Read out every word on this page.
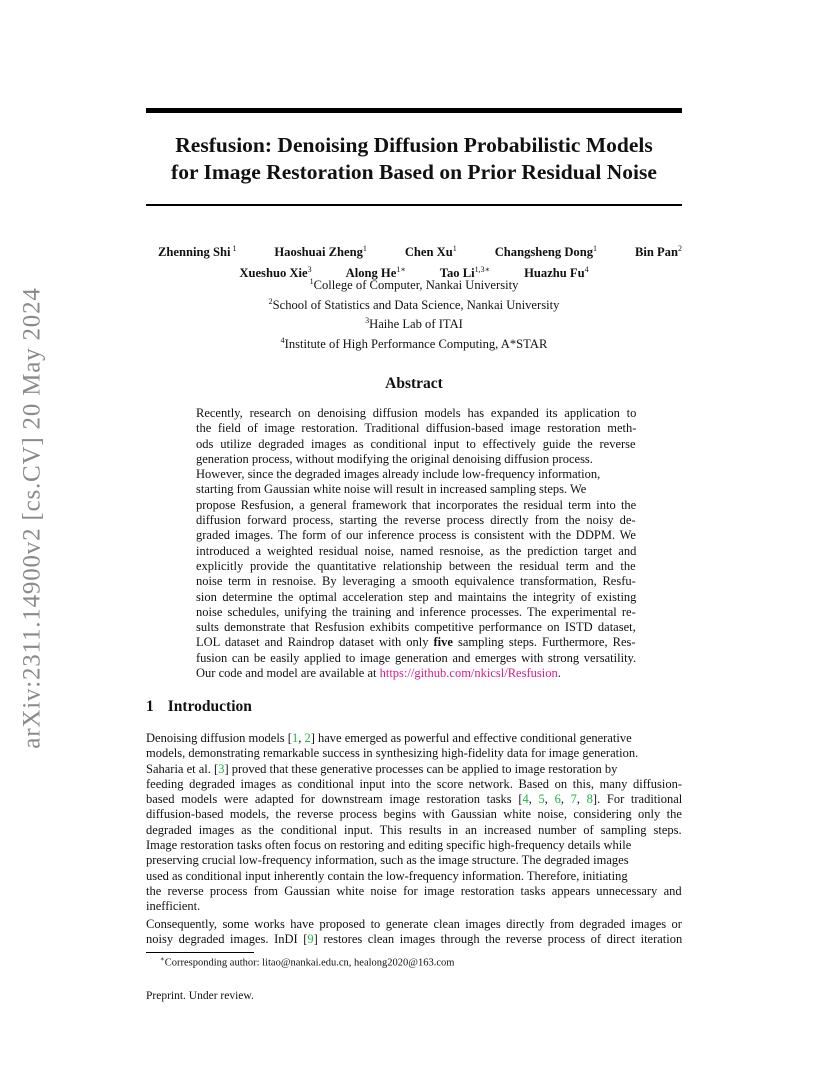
arXiv:2311.14900v2 [cs.CV] 20 May 2024
Resfusion: Denoising Diffusion Probabilistic Models
for Image Restoration Based on Prior Residual Noise
Zhenning Shi $^1$	Haoshuai Zheng$^1$	Chen Xu$^1$	Changsheng Dong$^1$	Bin Pan$^2$
Xueshuo Xie$^3$	Along $He^{1∗}$	Tao $Li^{1,3∗}$	Huazhu Fu$^4$
$^1$College of Computer, Nankai University
$^2$School of Statistics and Data Science, Nankai University
$^3$Haihe Lab of ITAI
$^4$Institute of High Performance Computing, A*STAR
Abstract
Recently, research on denoising diffusion models has expanded its application to
the field of image restoration. Traditional diffusion-based image restoration meth-
ods utilize degraded images as conditional input to effectively guide the reverse
generation process, without modifying the original denoising diffusion process.
However, since the degraded images already include low-frequency information,
starting from Gaussian white noise will result in increased sampling steps. We
propose Resfusion, a general framework that incorporates the residual term into the
diffusion forward process, starting the reverse process directly from the noisy de-
graded images. The form of our inference process is consistent with the DDPM. We
introduced a weighted residual noise, named resnoise, as the prediction target and
explicitly provide the quantitative relationship between the residual term and the
noise term in resnoise. By leveraging a smooth equivalence transformation, Resfu-
sion determine the optimal acceleration step and maintains the integrity of existing
noise schedules, unifying the training and inference processes. The experimental re-
sults demonstrate that Resfusion exhibits competitive performance on ISTD dataset,
LOL dataset and Raindrop dataset with only five sampling steps. Furthermore, Res-
fusion can be easily applied to image generation and emerges with strong versatility.
Our code and model are available at https://github.com/nkicsl/Resfusion.
1 Introduction
Denoising diffusion models [1, 2] have emerged as powerful and effective conditional generative
models, demonstrating remarkable success in synthesizing high-fidelity data for image generation.
Saharia et al. [3] proved that these generative processes can be applied to image restoration by
feeding degraded images as conditional input into the score network. Based on this, many diffusion-
based models were adapted for downstream image restoration tasks [4, 5, 6, 7, 8]. For traditional
diffusion-based models, the reverse process begins with Gaussian white noise, considering only the
degraded images as the conditional input. This results in an increased number of sampling steps.
Image restoration tasks often focus on restoring and editing specific high-frequency details while
preserving crucial low-frequency information, such as the image structure. The degraded images
used as conditional input inherently contain the low-frequency information. Therefore, initiating
the reverse process from Gaussian white noise for image restoration tasks appears unnecessary and
inefficient.
Consequently, some works have proposed to generate clean images directly from degraded images or
noisy degraded images. InDI [9] restores clean images through the reverse process of direct iteration
∗Corresponding author: litao@nankai.edu.cn, healong2020@163.com
Preprint. Under review.
